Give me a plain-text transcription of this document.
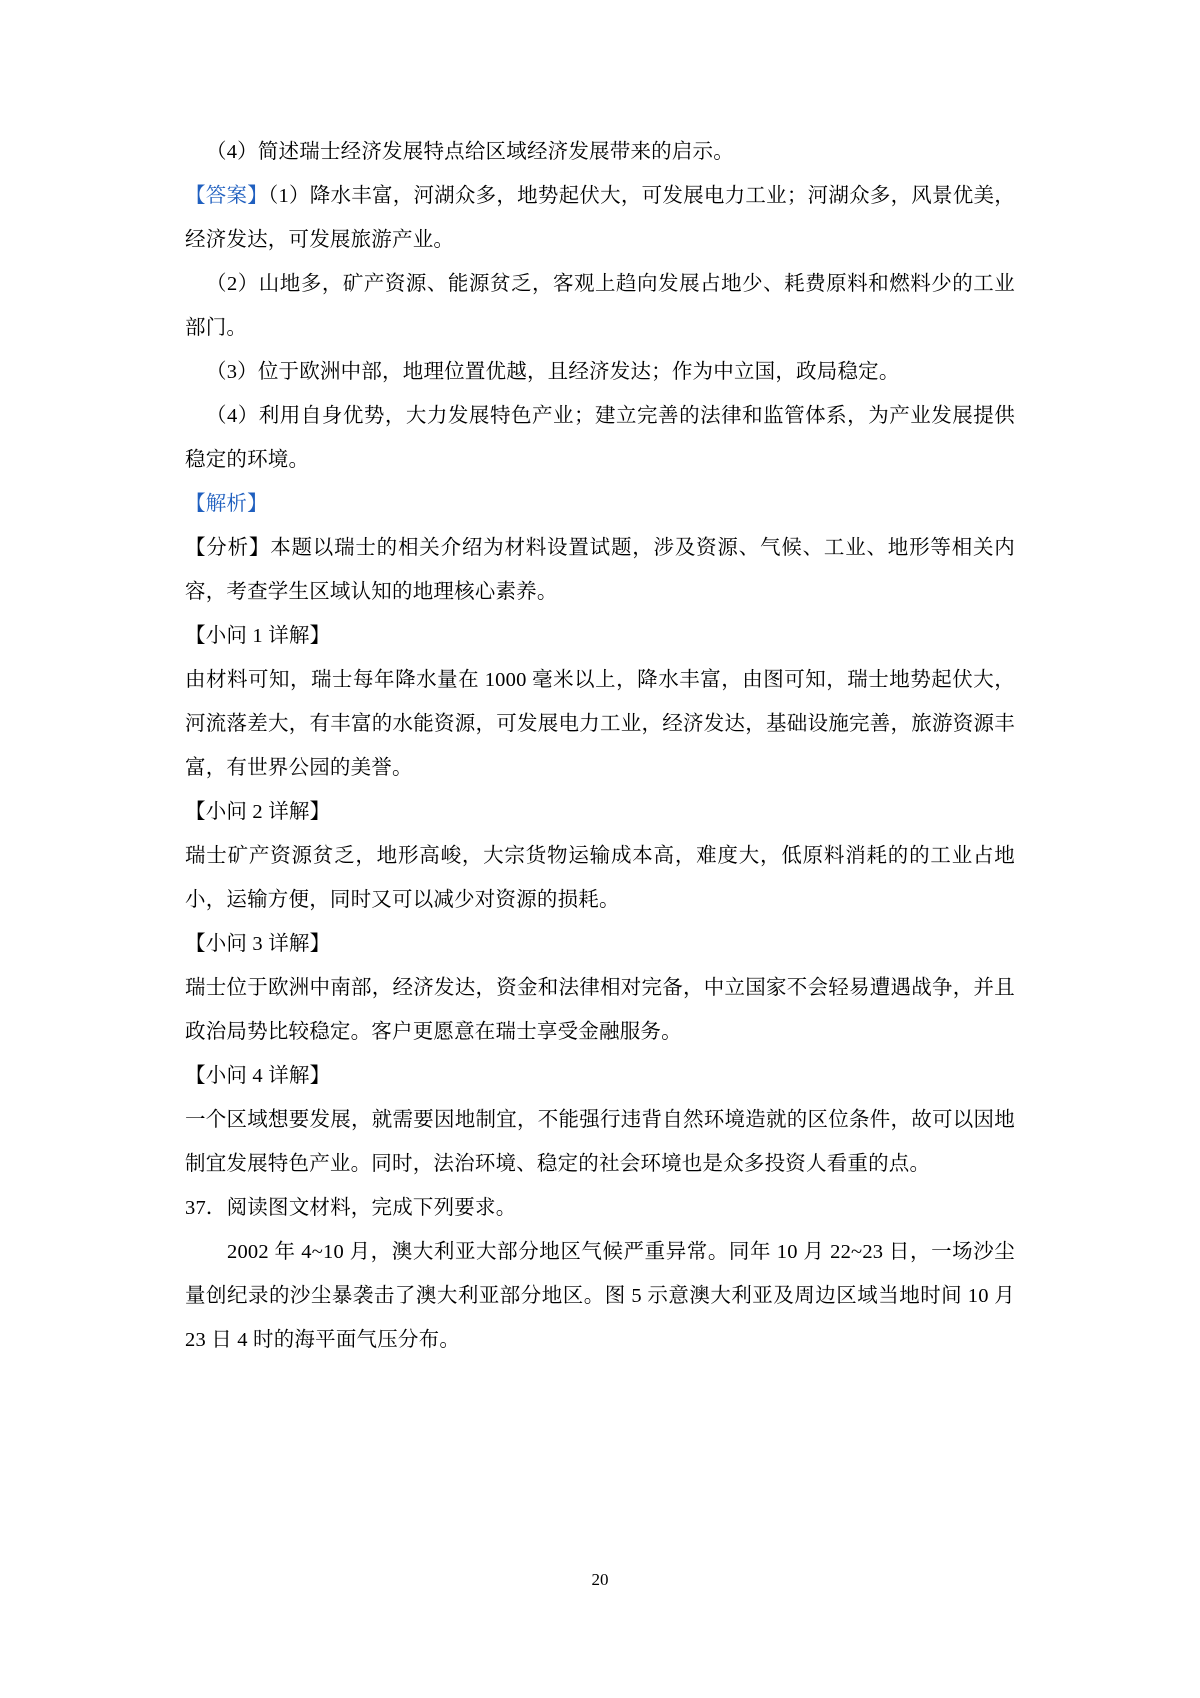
（4）简述瑞士经济发展特点给区域经济发展带来的启示。

【答案】（1）降水丰富，河湖众多，地势起伏大，可发展电力工业；河湖众多，风景优美，经济发达，可发展旅游产业。

（2）山地多，矿产资源、能源贫乏，客观上趋向发展占地少、耗费原料和燃料少的工业部门。

（3）位于欧洲中部，地理位置优越，且经济发达；作为中立国，政局稳定。

（4）利用自身优势，大力发展特色产业；建立完善的法律和监管体系，为产业发展提供稳定的环境。

【解析】

【分析】本题以瑞士的相关介绍为材料设置试题，涉及资源、气候、工业、地形等相关内容，考查学生区域认知的地理核心素养。

【小问 1 详解】

由材料可知，瑞士每年降水量在 1000 毫米以上，降水丰富，由图可知，瑞士地势起伏大，河流落差大，有丰富的水能资源，可发展电力工业，经济发达，基础设施完善，旅游资源丰富，有世界公园的美誉。

【小问 2 详解】

瑞士矿产资源贫乏，地形高峻，大宗货物运输成本高，难度大，低原料消耗的的工业占地小，运输方便，同时又可以减少对资源的损耗。

【小问 3 详解】

瑞士位于欧洲中南部，经济发达，资金和法律相对完备，中立国家不会轻易遭遇战争，并且政治局势比较稳定。客户更愿意在瑞士享受金融服务。

【小问 4 详解】

一个区域想要发展，就需要因地制宜，不能强行违背自然环境造就的区位条件，故可以因地制宜发展特色产业。同时，法治环境、稳定的社会环境也是众多投资人看重的点。

37．阅读图文材料，完成下列要求。

2002 年 4~10 月，澳大利亚大部分地区气候严重异常。同年 10 月 22~23 日，一场沙尘量创纪录的沙尘暴袭击了澳大利亚部分地区。图 5 示意澳大利亚及周边区域当地时间 10 月 23 日 4 时的海平面气压分布。

20
